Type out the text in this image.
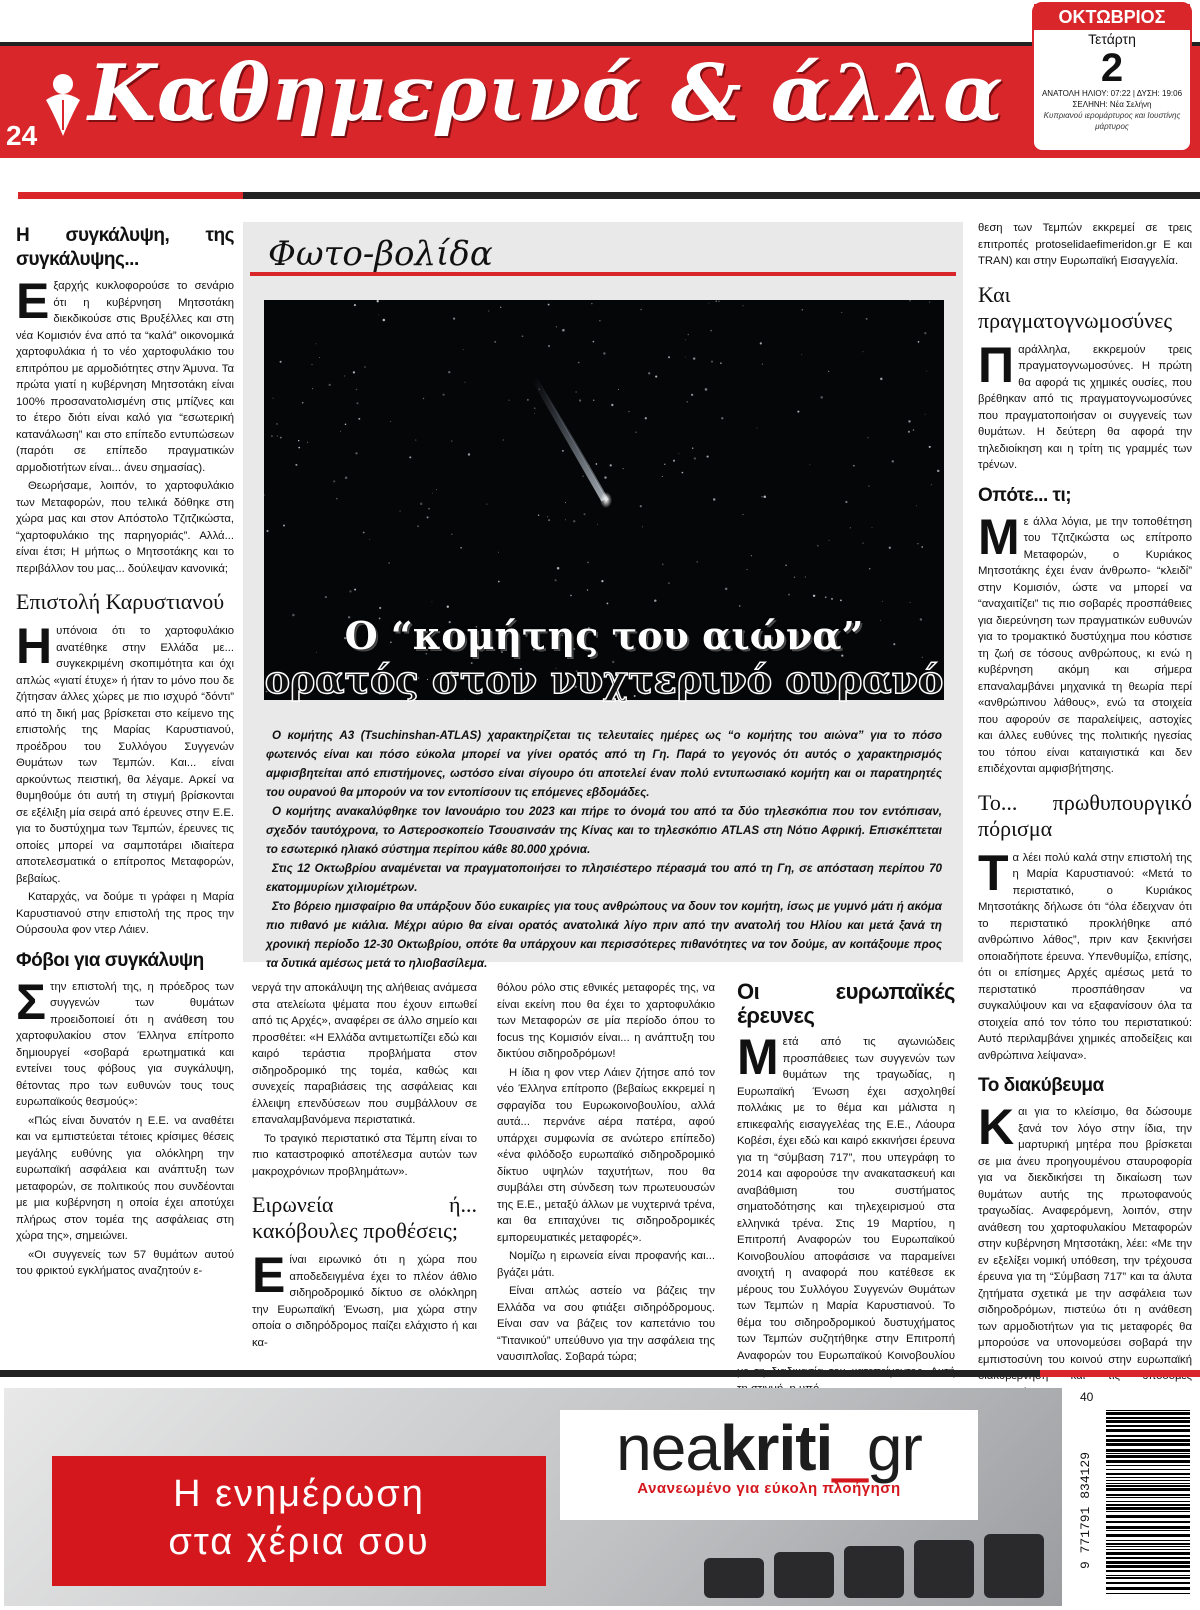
24 Καθημερινά & άλλα
ΟΚΤΩΒΡΙΟΣ
Τετάρτη
2
ΑΝΑΤΟΛΗ ΗΛΙΟΥ: 07:22 | ΔΥΣΗ: 19:06
ΣΕΛΗΝΗ: Νέα Σελήνη
Κυπριανού ιερομάρτυρος και Ιουστίνης μάρτυρος
Η συγκάλυψη, της συγκάλυψης...

Εξαρχής κυκλοφορούσε το σενάριο ότι η κυβέρνηση Μητσοτάκη διεκδικούσε στις Βρυξέλλες και στη νέα Κομισιόν ένα από τα “καλά” οικονομικά χαρτοφυλάκια ή το νέο χαρτοφυλάκιο του επιτρόπου με αρμοδιότητες στην Άμυνα. Τα πρώτα γιατί η κυβέρνηση Μητσοτάκη είναι 100% προσανατολισμένη στις μπίζνες και το έτερο διότι είναι καλό για “εσωτερική κατανάλωση” και στο επίπεδο εντυπώσεων (παρότι σε επίπεδο πραγματικών αρμοδιοτήτων είναι... άνευ σημασίας).

Θεωρήσαμε, λοιπόν, το χαρτοφυλάκιο των Μεταφορών, που τελικά δόθηκε στη χώρα μας και στον Απόστολο Τζιτζικώστα, “χαρτοφυλάκιο της παρηγοριάς”. Αλλά... είναι έτσι; Η μήπως ο Μητσοτάκης και το περιβάλλον του μας... δούλεψαν κανονικά;

Επιστολή Καρυστιανού

Ηυπόνοια ότι το χαρτοφυλάκιο ανατέθηκε στην Ελλάδα με... συγκεκριμένη σκοπιμότητα και όχι απλώς «γιατί έτυχε» ή ήταν το μόνο που δε ζήτησαν άλλες χώρες με πιο ισχυρό “δόντι” από τη δική μας βρίσκεται στο κείμενο της επιστολής της Μαρίας Καρυστιανού, προέδρου του Συλλόγου Συγγενών Θυμάτων των Τεμπών. Και... είναι αρκούντως πειστική, θα λέγαμε. Αρκεί να θυμηθούμε ότι αυτή τη στιγμή βρίσκονται σε εξέλιξη μία σειρά από έρευνες στην Ε.Ε. για το δυστύχημα των Τεμπών, έρευνες τις οποίες μπορεί να σαμποτάρει ιδιαίτερα αποτελεσματικά ο επίτροπος Μεταφορών, βεβαίως.

Καταρχάς, να δούμε τι γράφει η Μαρία Καρυστιανού στην επιστολή της προς την Ούρσουλα φον ντερ Λάιεν.

Φόβοι για συγκάλυψη

Στην επιστολή της, η πρόεδρος των συγγενών των θυμάτων προειδοποιεί ότι η ανάθεση του χαρτοφυλακίου στον Έλληνα επίτροπο δημιουργεί «σοβαρά ερωτηματικά και εντείνει τους φόβους για συγκάλυψη, θέτοντας προ των ευθυνών τους τους ευρωπαϊκούς θεσμούς»:

«Πώς είναι δυνατόν η Ε.Ε. να αναθέτει και να εμπιστεύεται τέτοιες κρίσιμες θέσεις μεγάλης ευθύνης για ολόκληρη την ευρωπαϊκή ασφάλεια και ανάπτυξη των μεταφορών, σε πολιτικούς που συνδέονται με μια κυβέρνηση η οποία έχει αποτύχει πλήρως στον τομέα της ασφάλειας στη χώρα της», σημειώνει.

«Οι συγγενείς των 57 θυμάτων αυτού του φρικτού εγκλήματος αναζητούν ε-

Φωτο-βολίδα
Ο “κομήτης του αιώνα”
ορατός στον νυχτερινό ουρανό

Ο κομήτης A3 (Tsuchinshan-ATLAS) χαρακτηρίζεται τις τελευταίες ημέρες ως “ο κομήτης του αιώνα” για το πόσο φωτεινός είναι και πόσο εύκολα μπορεί να γίνει ορατός από τη Γη. Παρά το γεγονός ότι αυτός ο χαρακτηρισμός αμφισβητείται από επιστήμονες, ωστόσο είναι σίγουρο ότι αποτελεί έναν πολύ εντυπωσιακό κομήτη και οι παρατηρητές του ουρανού θα μπορούν να τον εντοπίσουν τις επόμενες εβδομάδες.

Ο κομήτης ανακαλύφθηκε τον Ιανουάριο του 2023 και πήρε το όνομά του από τα δύο τηλεσκόπια που τον εντόπισαν, σχεδόν ταυτόχρονα, το Αστεροσκοπείο Τσουσινσάν της Κίνας και το τηλεσκόπιο ATLAS στη Νότιο Αφρική. Επισκέπτεται το εσωτερικό ηλιακό σύστημα περίπου κάθε 80.000 χρόνια.

Στις 12 Οκτωβρίου αναμένεται να πραγματοποιήσει το πλησιέστερο πέρασμά του από τη Γη, σε απόσταση περίπου 70 εκατομμυρίων χιλιομέτρων.

Στο βόρειο ημισφαίριο θα υπάρξουν δύο ευκαιρίες για τους ανθρώπους να δουν τον κομήτη, ίσως με γυμνό μάτι ή ακόμα πιο πιθανό με κιάλια. Μέχρι αύριο θα είναι ορατός ανατολικά λίγο πριν από την ανατολή του Ηλίου και μετά ξανά τη χρονική περίοδο 12-30 Οκτωβρίου, οπότε θα υπάρχουν και περισσότερες πιθανότητες να τον δούμε, αν κοιτάξουμε προς τα δυτικά αμέσως μετά το ηλιοβασίλεμα.

νεργά την αποκάλυψη της αλήθειας ανάμεσα στα ατελείωτα ψέματα που έχουν ειπωθεί από τις Αρχές», αναφέρει σε άλλο σημείο και προσθέτει: «Η Ελλάδα αντιμετωπίζει εδώ και καιρό τεράστια προβλήματα στον σιδηροδρομικό της τομέα, καθώς και συνεχείς παραβιάσεις της ασφάλειας και έλλειψη επενδύσεων που συμβάλλουν σε επαναλαμβανόμενα περιστατικά.

Το τραγικό περιστατικό στα Τέμπη είναι το πιο καταστροφικό αποτέλεσμα αυτών των μακροχρόνιων προβλημάτων».

Ειρωνεία ή... κακόβουλες προθέσεις;

Είναι ειρωνικό ότι η χώρα που αποδεδειγμένα έχει το πλέον άθλιο σιδηροδρομικό δίκτυο σε ολόκληρη την Ευρωπαϊκή Ένωση, μια χώρα στην οποία ο σιδηρόδρομος παίζει ελάχιστο ή και κα-

θόλου ρόλο στις εθνικές μεταφορές της, να είναι εκείνη που θα έχει το χαρτοφυλάκιο των Μεταφορών σε μία περίοδο όπου το focus της Κομισιόν είναι... η ανάπτυξη του δικτύου σιδηροδρόμων!

Η ίδια η φον ντερ Λάιεν ζήτησε από τον νέο Έλληνα επίτροπο (βεβαίως εκκρεμεί η σφραγίδα του Ευρωκοινοβουλίου, αλλά αυτά... περνάνε αέρα πατέρα, αφού υπάρχει συμφωνία σε ανώτερο επίπεδο) «ένα φιλόδοξο ευρωπαϊκό σιδηροδρομικό δίκτυο υψηλών ταχυτήτων, που θα συμβάλει στη σύνδεση των πρωτευουσών της Ε.Ε., μεταξύ άλλων με νυχτερινά τρένα, και θα επιταχύνει τις σιδηροδρομικές εμπορευματικές μεταφορές».

Νομίζω η ειρωνεία είναι προφανής και... βγάζει μάτι.

Είναι απλώς αστείο να βάζεις την Ελλάδα να σου φτιάξει σιδηρόδρομους. Είναι σαν να βάζεις τον καπετάνιο του “Τιτανικού” υπεύθυνο για την ασφάλεια της ναυσιπλοΐας. Σοβαρά τώρα;

Οι ευρωπαϊκές έρευνες

Μετά από τις αγωνιώδεις προσπάθειες των συγγενών των θυμάτων της τραγωδίας, η Ευρωπαϊκή Ένωση έχει ασχοληθεί πολλάκις με το θέμα και μάλιστα η επικεφαλής εισαγγελέας της Ε.Ε., Λάουρα Κοβέσι, έχει εδώ και καιρό εκκινήσει έρευνα για τη “σύμβαση 717”, που υπεγράφη το 2014 και αφορούσε την ανακατασκευή και αναβάθμιση του συστήματος σηματοδότησης και τηλεχειρισμού στα ελληνικά τρένα. Στις 19 Μαρτίου, η Επιτροπή Αναφορών του Ευρωπαϊκού Κοινοβουλίου αποφάσισε να παραμείνει ανοιχτή η αναφορά που κατέθεσε εκ μέρους του Συλλόγου Συγγενών Θυμάτων των Τεμπών η Μαρία Καρυστιανού. Το θέμα του σιδηροδρομικού δυστυχήματος των Τεμπών συζητήθηκε στην Επιτροπή Αναφορών του Ευρωπαϊκού Κοινοβουλίου

θεση των Τεμπών εκκρεμεί σε τρεις επιτροπές protoselidaefimeridon.gr Ε και TRAN) και στην Ευρωπαϊκή Εισαγγελία.

Και πραγματογνωμοσύνες

Παράλληλα, εκκρεμούν τρεις πραγματογνωμοσύνες. Η πρώτη θα αφορά τις χημικές ουσίες, που βρέθηκαν από τις πραγματογνωμοσύνες που πραγματοποιήσαν οι συγγενείς των θυμάτων. Η δεύτερη θα αφορά την τηλεδιοίκηση και η τρίτη τις γραμμές των τρένων.

Οπότε... τι;

Με άλλα λόγια, με την τοποθέτηση του Τζιτζικώστα ως επίτροπο Μεταφορών, ο Κυριάκος Μητσοτάκης έχει έναν άνθρωπο- “κλειδί” στην Κομισιόν, ώστε να μπορεί να “αναχαιτίζει” τις πιο σοβαρές προσπάθειες για διερεύνηση των πραγματικών ευθυνών για το τρομακτικό δυστύχημα που κόστισε τη ζωή σε τόσους ανθρώπους, κι ενώ η κυβέρνηση ακόμη και σήμερα επαναλαμβάνει μηχανικά τη θεωρία περί «ανθρώπινου λάθους», ενώ τα στοιχεία που αφορούν σε παραλείψεις, αστοχίες και άλλες ευθύνες της πολιτικής ηγεσίας του τόπου είναι καταιγιστικά και δεν επιδέχονται αμφισβήτησης.

Το... πρωθυπουργικό πόρισμα

Τα λέει πολύ καλά στην επιστολή της η Μαρία Καρυστιανού: «Μετά το περιστατικό, ο Κυριάκος Μητσοτάκης δήλωσε ότι “όλα έδειχναν ότι το περιστατικό προκλήθηκε από ανθρώπινο λάθος”, πριν καν ξεκινήσει οποιαδήποτε έρευνα. Υπενθυμίζω, επίσης, ότι οι επίσημες Αρχές αμέσως μετά το περιστατικό προσπάθησαν να συγκαλύψουν και να εξαφανίσουν όλα τα στοιχεία από τον τόπο του περιστατικού: Αυτό περιλαμβάνει χημικές αποδείξεις και ανθρώπινα λείψανα».

Το διακύβευμα

Και για το κλείσιμο, θα δώσουμε ξανά τον λόγο στην ίδια, την μαρτυρική μητέρα που βρίσκεται σε μια άνευ προηγουμένου σταυροφορία για να διεκδικήσει τη δικαίωση των θυμάτων αυτής της πρωτοφανούς τραγωδίας. Αναφερόμενη, λοιπόν, στην ανάθεση του χαρτοφυλακίου Μεταφορών στην κυβέρνηση Μητσοτάκη, λέει: «Με την εν εξελίξει νομική υπόθεση, την τρέχουσα έρευνα για τη “Σύμβαση 717” και τα άλυτα ζητήματα σχετικά με την ασφάλεια των σιδηροδρόμων, πιστεύω ότι η ανάθεση των αρμοδιοτήτων για τις μεταφορές θα μπορούσε να υπονομεύσει σοβαρά την εμπιστοσύνη του κοινού στην ευρωπαϊκή

Η ενημέρωση
στα χέρια σου
neakriti_gr
Ανανεωμένο για εύκολη πλοήγηση
40
9 771791 834129
